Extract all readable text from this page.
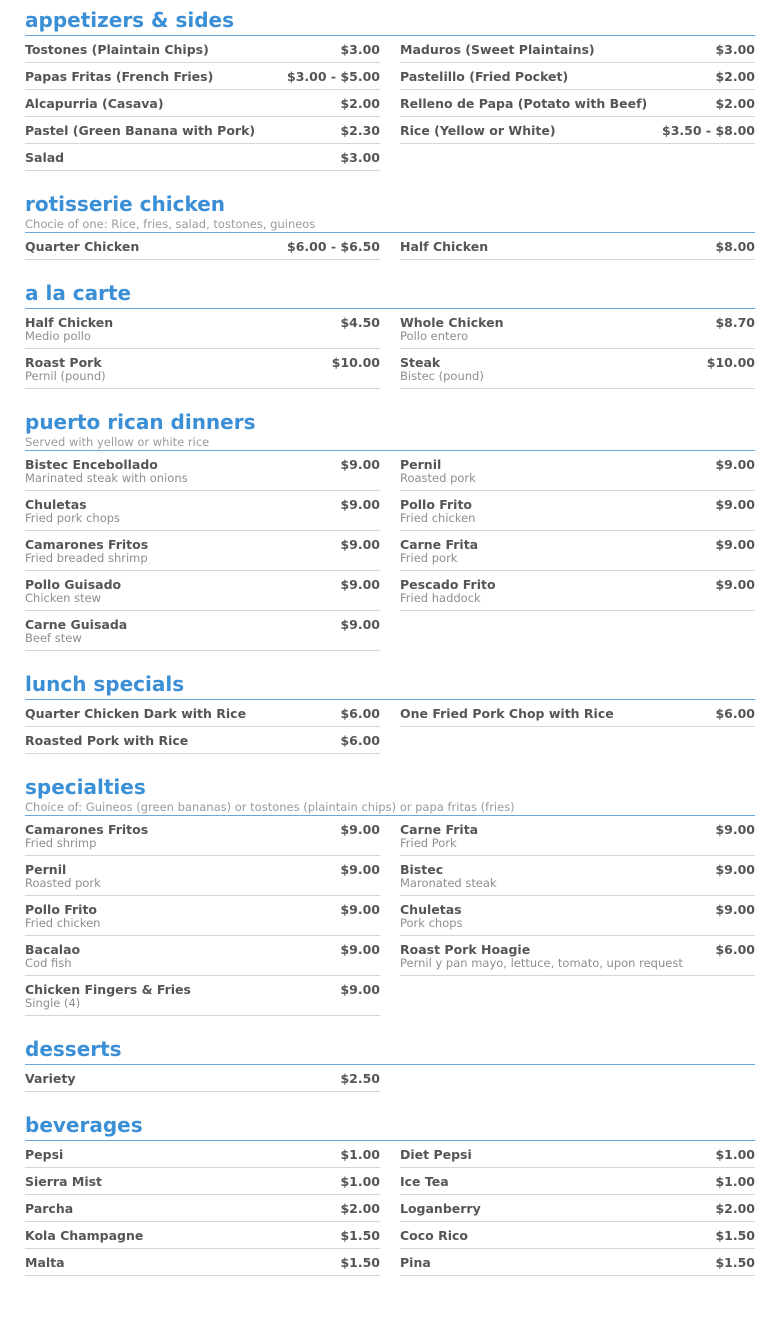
appetizers & sides
Tostones (Plaintain Chips)	$3.00
Papas Fritas (French Fries)	$3.00 - $5.00
Alcapurria (Casava)	$2.00
Pastel (Green Banana with Pork)	$2.30
Salad	$3.00
Maduros (Sweet Plaintains)	$3.00
Pastelillo (Fried Pocket)	$2.00
Relleno de Papa (Potato with Beef)	$2.00
Rice (Yellow or White)	$3.50 - $8.00
rotisserie chicken
Chocie of one: Rice, fries, salad, tostones, guineos
Quarter Chicken	$6.00 - $6.50 Half Chicken	$8.00
a la carte
Half Chicken	$4.50
Medio pollo
Roast Pork	$10.00
Pernil (pound)
Whole Chicken	$8.70
Pollo entero
Steak	$10.00
Bistec (pound)
puerto rican dinners
Served with yellow or white rice
Bistec Encebollado	$9.00
Marinated steak with onions
Chuletas	$9.00
Fried pork chops
Camarones Fritos	$9.00
Fried breaded shrimp
Pollo Guisado	$9.00
Chicken stew
Carne Guisada	$9.00
Beef stew
Pernil	$9.00
Roasted pork
Pollo Frito	$9.00
Fried chicken
Carne Frita	$9.00
Fried pork
Pescado Frito	$9.00
Fried haddock
lunch specials
Quarter Chicken Dark with Rice	$6.00
Roasted Pork with Rice	$6.00
One Fried Pork Chop with Rice	$6.00
specialties
Choice of: Guineos (green bananas) or tostones (plaintain chips) or papa fritas (fries)
Camarones Fritos	$9.00
Fried shrimp
Pernil	$9.00
Roasted pork
Pollo Frito	$9.00
Fried chicken
Bacalao	$9.00
Cod fish
Chicken Fingers & Fries	$9.00
Single (4)
Carne Frita	$9.00
Fried Pork
Bistec	$9.00
Maronated steak
Chuletas	$9.00
Pork chops
Roast Pork Hoagie	$6.00
Pernil y pan mayo, lettuce, tomato, upon request
desserts
Variety	$2.50
beverages
Pepsi	$1.00
Sierra Mist	$1.00
Parcha	$2.00
Kola Champagne	$1.50
Malta	$1.50
Diet Pepsi	$1.00
Ice Tea	$1.00
Loganberry	$2.00
Coco Rico	$1.50
Pina	$1.50
